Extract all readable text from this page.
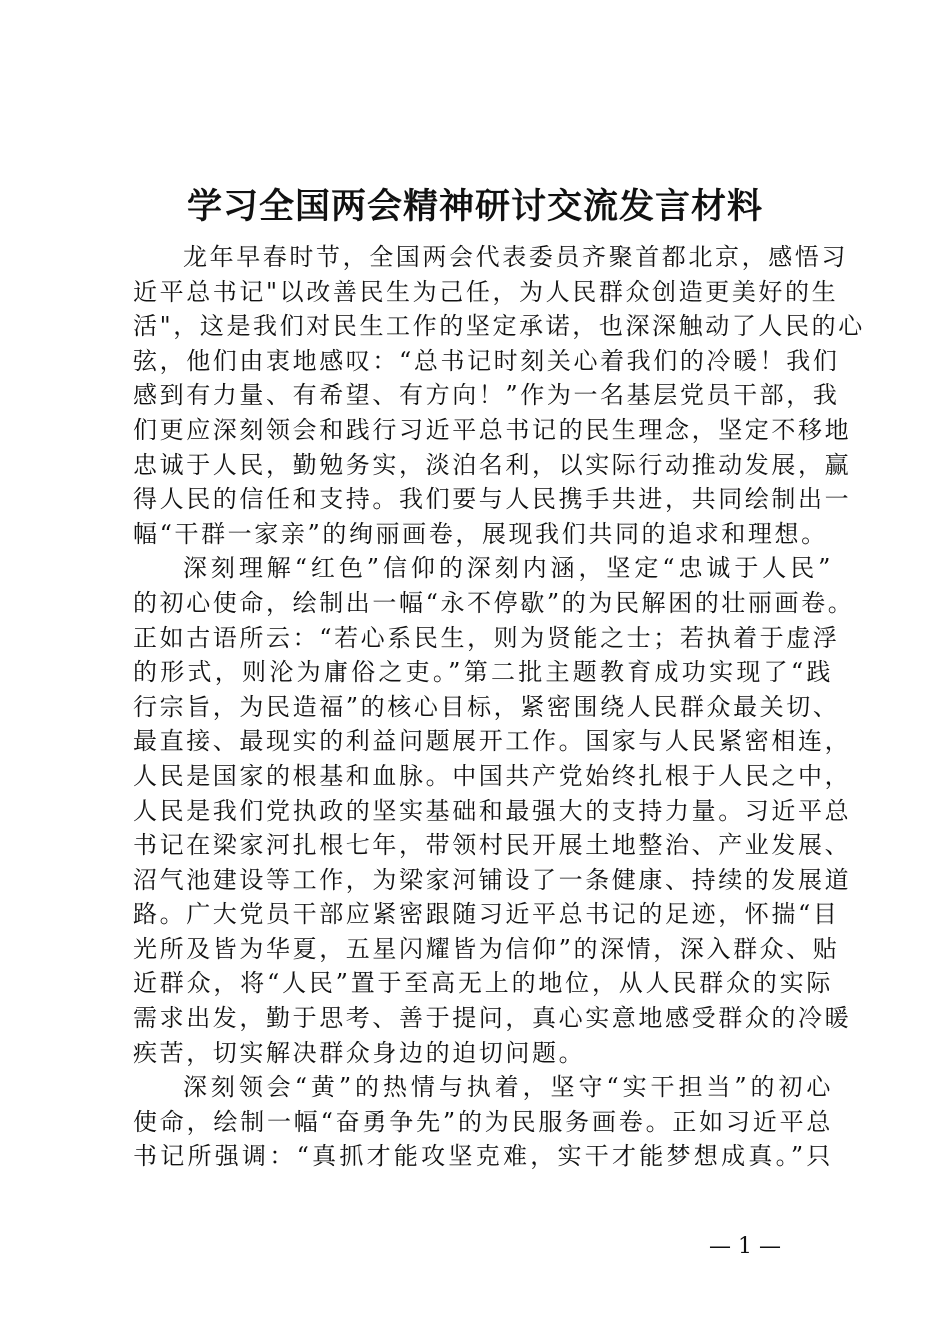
学习全国两会精神研讨交流发言材料
龙年早春时节，全国两会代表委员齐聚首都北京，感悟习
近平总书记"以改善民生为己任，为人民群众创造更美好的生
活"，这是我们对民生工作的坚定承诺，也深深触动了人民的心
弦，他们由衷地感叹：“总书记时刻关心着我们的冷暖！我们
感到有力量、有希望、有方向！”作为一名基层党员干部，我
们更应深刻领会和践行习近平总书记的民生理念，坚定不移地
忠诚于人民，勤勉务实，淡泊名利，以实际行动推动发展，赢
得人民的信任和支持。我们要与人民携手共进，共同绘制出一
幅“干群一家亲”的绚丽画卷，展现我们共同的追求和理想。
深刻理解“红色”信仰的深刻内涵，坚定“忠诚于人民”
的初心使命，绘制出一幅“永不停歇”的为民解困的壮丽画卷。
正如古语所云：“若心系民生，则为贤能之士；若执着于虚浮
的形式，则沦为庸俗之吏。”第二批主题教育成功实现了“践
行宗旨，为民造福”的核心目标，紧密围绕人民群众最关切、
最直接、最现实的利益问题展开工作。国家与人民紧密相连，
人民是国家的根基和血脉。中国共产党始终扎根于人民之中，
人民是我们党执政的坚实基础和最强大的支持力量。习近平总
书记在梁家河扎根七年，带领村民开展土地整治、产业发展、
沼气池建设等工作，为梁家河铺设了一条健康、持续的发展道
路。广大党员干部应紧密跟随习近平总书记的足迹，怀揣“目
光所及皆为华夏，五星闪耀皆为信仰”的深情，深入群众、贴
近群众，将“人民”置于至高无上的地位，从人民群众的实际
需求出发，勤于思考、善于提问，真心实意地感受群众的冷暖
疾苦，切实解决群众身边的迫切问题。
深刻领会“黄”的热情与执着，坚守“实干担当”的初心
使命，绘制一幅“奋勇争先”的为民服务画卷。正如习近平总
书记所强调：“真抓才能攻坚克难，实干才能梦想成真。”只
— 1 —
